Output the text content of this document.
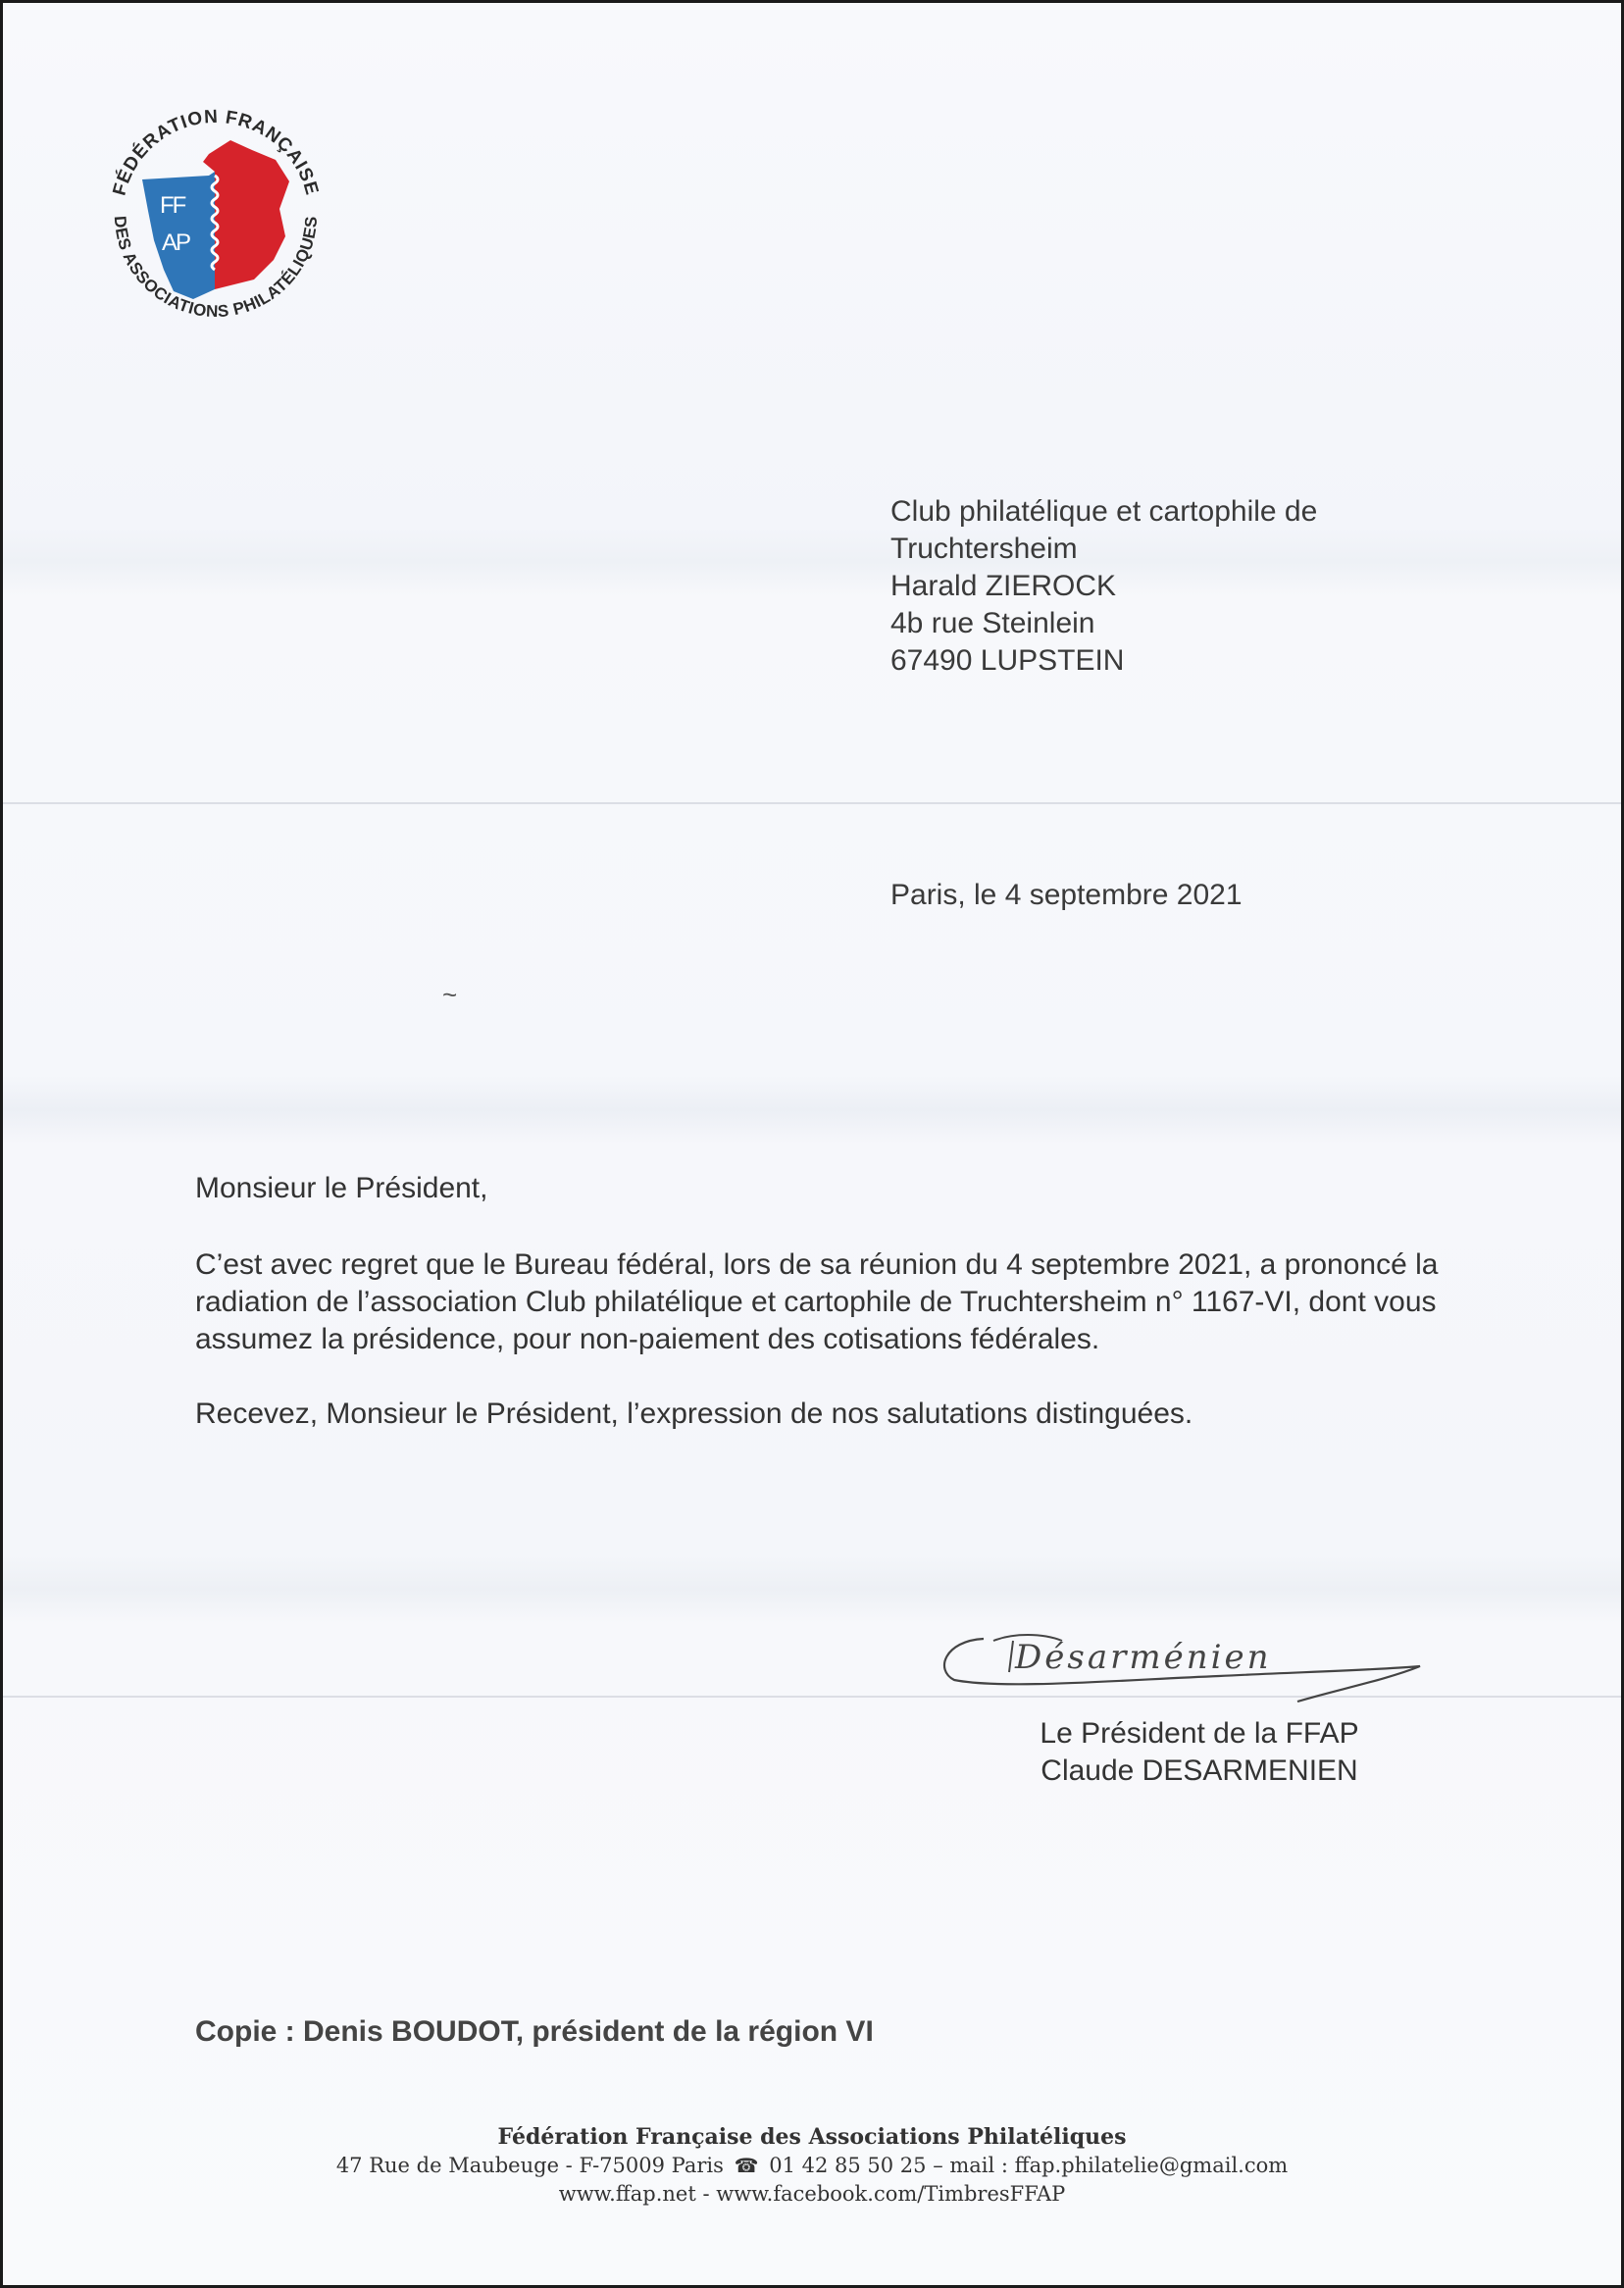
FÉDÉRATION FRANÇAISE
DES ASSOCIATIONS PHILATÉLIQUES
FF
AP
Club philatélique et cartophile de
Truchtersheim
Harald ZIEROCK
4b rue Steinlein
67490 LUPSTEIN
Paris, le 4 septembre 2021
~
Monsieur le Président,
C’est avec regret que le Bureau fédéral, lors de sa réunion du 4 septembre 2021, a prononcé la radiation de l’association Club philatélique et cartophile de Truchtersheim n° 1167-VI, dont vous assumez la présidence, pour non-paiement des cotisations fédérales.
Recevez, Monsieur le Président, l’expression de nos salutations distinguées.
Désarménien
Le Président de la FFAP
Claude DESARMENIEN
Copie : Denis BOUDOT, président de la région VI
Fédération Française des Associations Philatéliques
47 Rue de Maubeuge - F-75009 Paris ☎ 01 42 85 50 25 – mail : ffap.philatelie@gmail.com
www.ffap.net - www.facebook.com/TimbresFFAP
